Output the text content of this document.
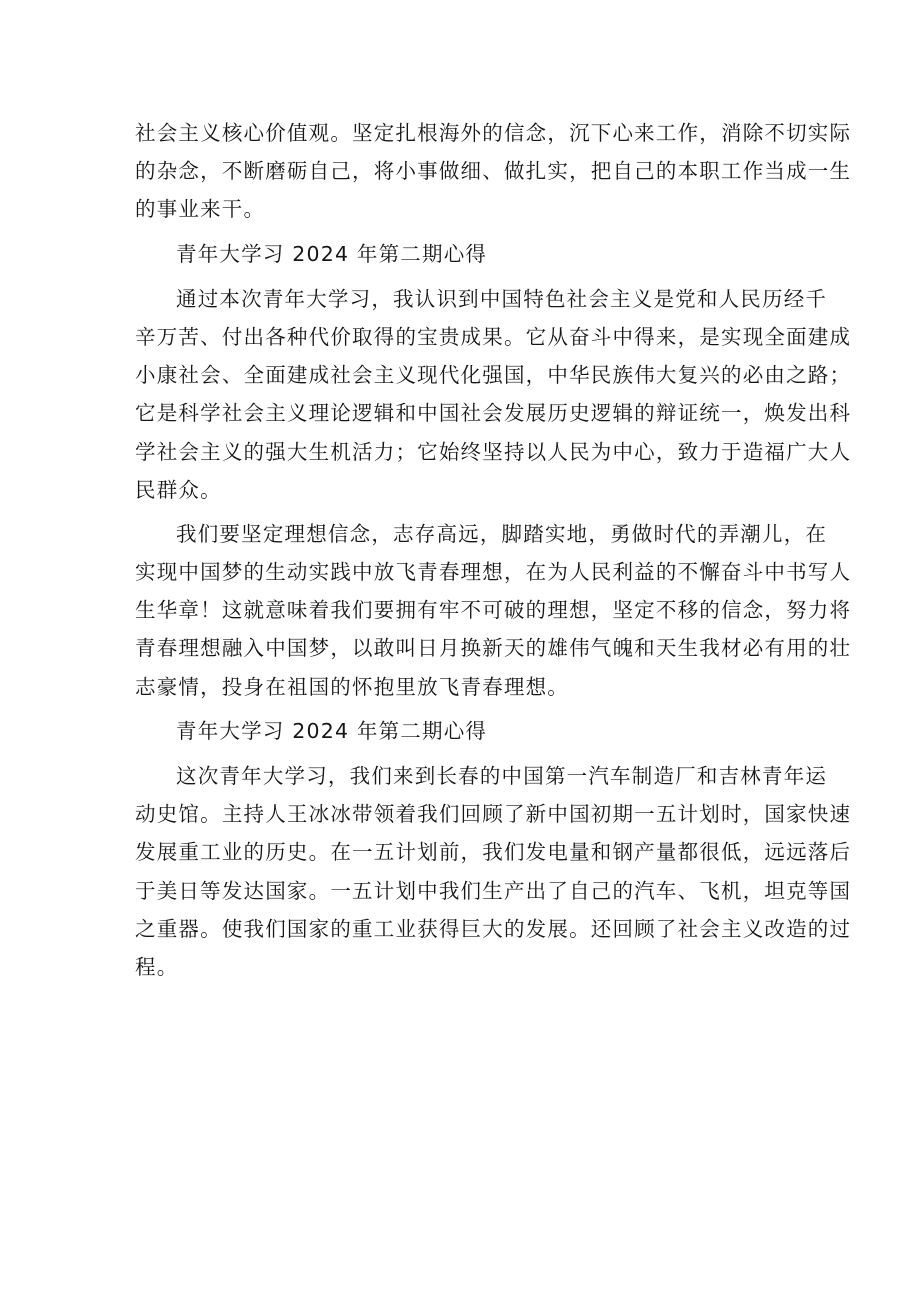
社 会 主 义 核 心 价 值 观 。 坚 定 扎 根 海 外 的 信 念 ， 沉 下 心 来 工 作 ， 消 除 不 切 实 际
的 杂 念 ， 不 断 磨 砺 自 己 ， 将 小 事 做 细 、 做 扎 实 ， 把 自 己 的 本 职 工 作 当 成 一 生
的事业来干。
青年大学习 2024 年第二期心得
通 过 本 次 青 年 大 学 习 ， 我 认 识 到 中 国 特 色 社 会 主 义 是 党 和 人 民 历 经 千
辛 万 苦 、 付 出 各 种 代 价 取 得 的 宝 贵 成 果 。 它 从 奋 斗 中 得 来 ， 是 实 现 全 面 建 成
小 康 社 会 、 全 面 建 成 社 会 主 义 现 代 化 强 国 ， 中 华 民 族 伟 大 复 兴 的 必 由 之 路 ；
它 是 科 学 社 会 主 义 理 论 逻 辑 和 中 国 社 会 发 展 历 史 逻 辑 的 辩 证 统 一 ， 焕 发 出 科
学 社 会 主 义 的 强 大 生 机 活 力 ； 它 始 终 坚 持 以 人 民 为 中 心 ， 致 力 于 造 福 广 大 人
民群众。
我 们 要 坚 定 理 想 信 念 ， 志 存 高 远 ， 脚 踏 实 地 ， 勇 做 时 代 的 弄 潮 儿 ， 在
实 现 中 国 梦 的 生 动 实 践 中 放 飞 青 春 理 想 ， 在 为 人 民 利 益 的 不 懈 奋 斗 中 书 写 人
生 华 章 ！ 这 就 意 味 着 我 们 要 拥 有 牢 不 可 破 的 理 想 ， 坚 定 不 移 的 信 念 ， 努 力 将
青 春 理 想 融 入 中 国 梦 ， 以 敢 叫 日 月 换 新 天 的 雄 伟 气 魄 和 天 生 我 材 必 有 用 的 壮
志豪情，投身在祖国的怀抱里放飞青春理想。
青年大学习 2024 年第二期心得
这 次 青 年 大 学 习 ， 我 们 来 到 长 春 的 中 国 第 一 汽 车 制 造 厂 和 吉 林 青 年 运
动 史 馆 。 主 持 人 王 冰 冰 带 领 着 我 们 回 顾 了 新 中 国 初 期 一 五 计 划 时 ， 国 家 快 速
发 展 重 工 业 的 历 史 。 在 一 五 计 划 前 ， 我 们 发 电 量 和 钢 产 量 都 很 低 ， 远 远 落 后
于 美 日 等 发 达 国 家 。 一 五 计 划 中 我 们 生 产 出 了 自 己 的 汽 车 、 飞 机 ， 坦 克 等 国
之 重 器 。 使 我 们 国 家 的 重 工 业 获 得 巨 大 的 发 展 。 还 回 顾 了 社 会 主 义 改 造 的 过
程。
